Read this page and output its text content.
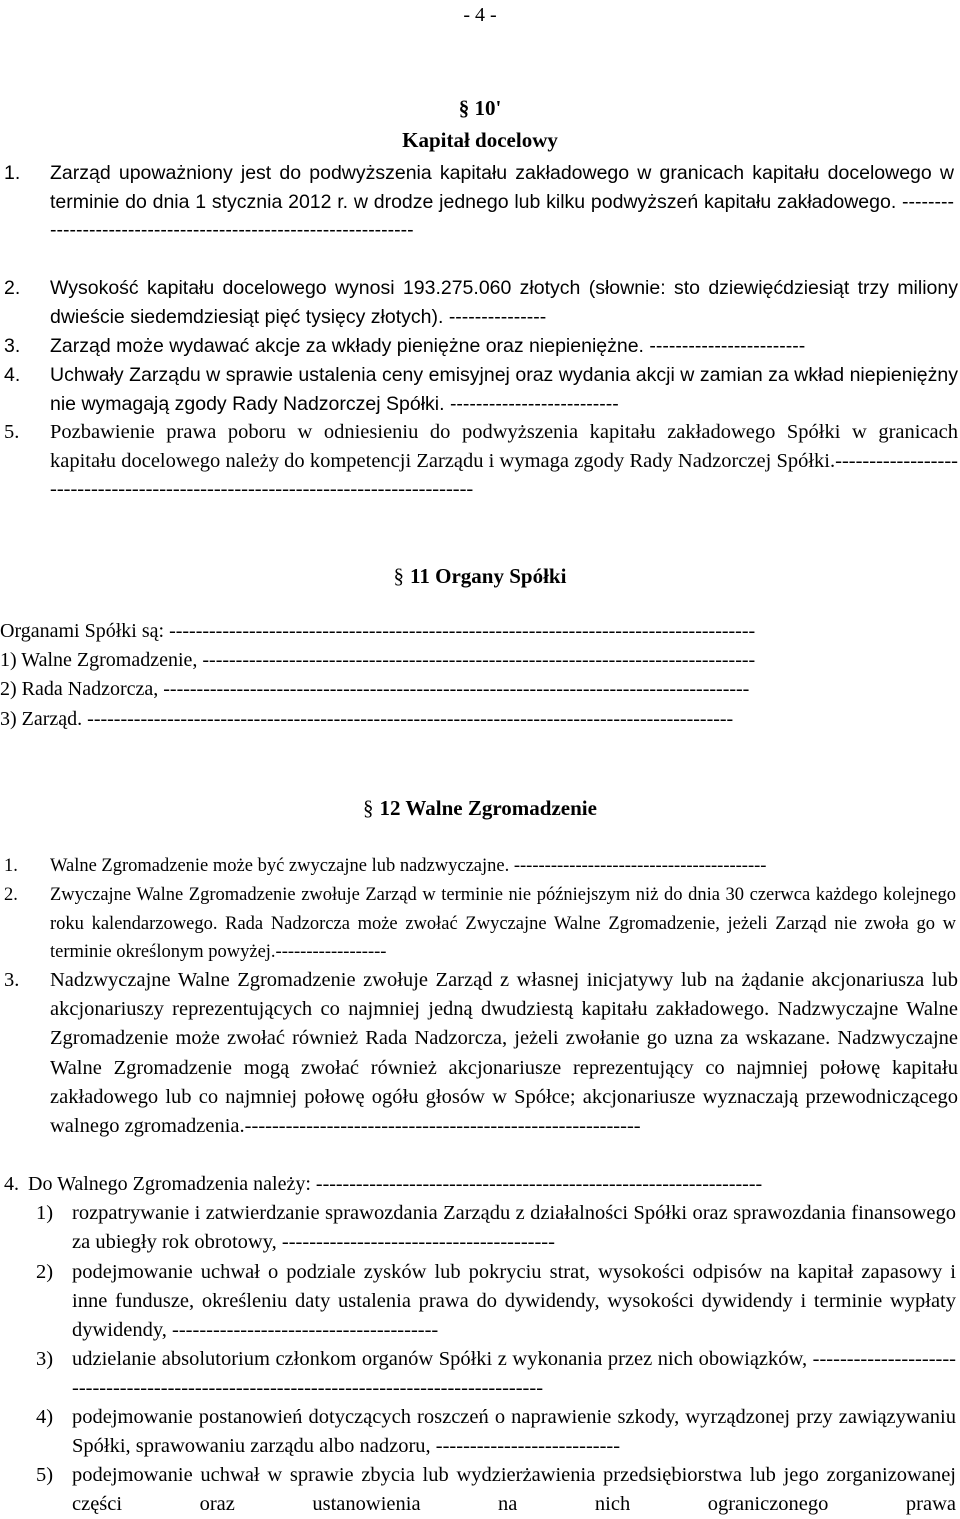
- 4 -
§ 10'
Kapitał docelowy
1. Zarząd upoważniony jest do podwyższenia kapitału zakładowego w granicach kapitału docelowego w terminie do dnia 1 stycznia 2012 r. w drodze jednego lub kilku podwyższeń kapitału zakładowego. ----------------------------------------------------------------
2. Wysokość kapitału docelowego wynosi 193.275.060 złotych (słownie: sto dziewięćdziesiąt trzy miliony dwieście siedemdziesiąt pięć tysięcy złotych). ---------------
3. Zarząd może wydawać akcje za wkłady pieniężne oraz niepieniężne. ------------------------
4. Uchwały Zarządu w sprawie ustalenia ceny emisyjnej oraz wydania akcji w zamian za wkład niepieniężny nie wymagają zgody Rady Nadzorczej Spółki. --------------------------
5. Pozbawienie prawa poboru w odniesieniu do podwyższenia kapitału zakładowego Spółki w granicach kapitału docelowego należy do kompetencji Zarządu i wymaga zgody Rady Nadzorczej Spółki.--------------------------------------------------------------------------------
§ 11 Organy Spółki
Organami Spółki są: ----------------------------------------------------------------------------------------
1) Walne Zgromadzenie, -----------------------------------------------------------------------------------
2) Rada Nadzorcza, ----------------------------------------------------------------------------------------
3) Zarząd. -------------------------------------------------------------------------------------------------
§ 12 Walne Zgromadzenie
1. Walne Zgromadzenie może być zwyczajne lub nadzwyczajne. -----------------------------------------
2. Zwyczajne Walne Zgromadzenie zwołuje Zarząd w terminie nie późniejszym niż do dnia 30 czerwca każdego kolejnego roku kalendarzowego. Rada Nadzorcza może zwołać Zwyczajne Walne Zgromadzenie, jeżeli Zarząd nie zwoła go w terminie określonym powyżej.------------------
3. Nadzwyczajne Walne Zgromadzenie zwołuje Zarząd z własnej inicjatywy lub na żądanie akcjonariusza lub akcjonariuszy reprezentujących co najmniej jedną dwudziestą kapitału zakładowego. Nadzwyczajne Walne Zgromadzenie może zwołać również Rada Nadzorcza, jeżeli zwołanie go uzna za wskazane. Nadzwyczajne Walne Zgromadzenie mogą zwołać również akcjonariusze reprezentujący co najmniej połowę kapitału zakładowego lub co najmniej połowę ogółu głosów w Spółce; akcjonariusze wyznaczają przewodniczącego walnego zgromadzenia.----------------------------------------------------------
4. Do Walnego Zgromadzenia należy: -------------------------------------------------------------------
1) rozpatrywanie i zatwierdzanie sprawozdania Zarządu z działalności Spółki oraz sprawozdania finansowego za ubiegły rok obrotowy, ----------------------------------------
2) podejmowanie uchwał o podziale zysków lub pokryciu strat, wysokości odpisów na kapitał zapasowy i inne fundusze, określeniu daty ustalenia prawa do dywidendy, wysokości dywidendy i terminie wypłaty dywidendy, ---------------------------------------
3) udzielanie absolutorium członkom organów Spółki z wykonania przez nich obowiązków, ------------------------------------------------------------------------------------------
4) podejmowanie postanowień dotyczących roszczeń o naprawienie szkody, wyrządzonej przy zawiązywaniu Spółki, sprawowaniu zarządu albo nadzoru, ---------------------------
5) podejmowanie uchwał w sprawie zbycia lub wydzierżawienia przedsiębiorstwa lub jego zorganizowanej części oraz ustanowienia na nich ograniczonego prawa
